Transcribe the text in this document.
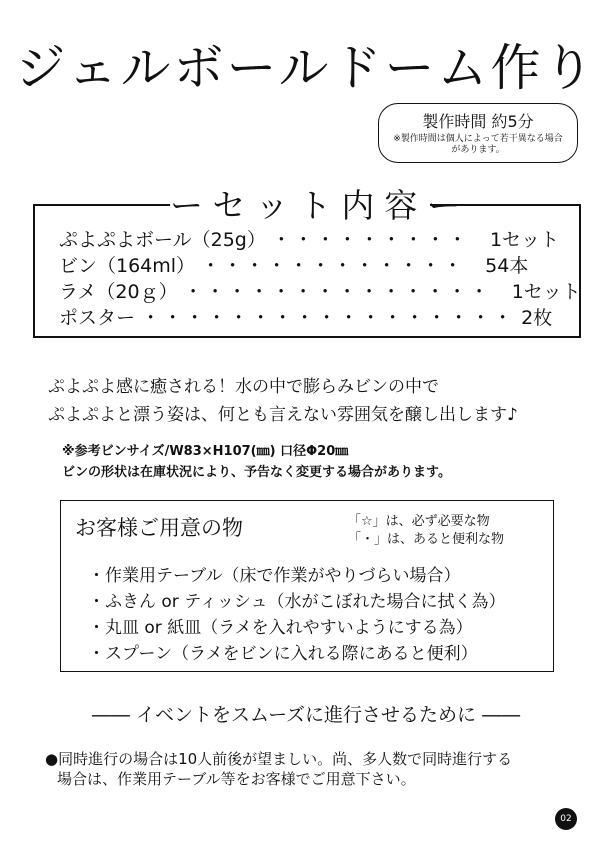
ジェルボールドーム作り
製作時間 約5分
※製作時間は個人によって若干異なる場合があります。
ぷよぷよボール（25g） ・・・・・・・・・ 1セット
ビン（164ml） ・・・・・・・・・・・・ 54本
ラメ（20ｇ） ・・・・・・・・・・・・・・ 1セット
ポスター ・・・・・・・・・・・・・・・・・ 2枚
ーセット内容ー
ぷよぷよ感に癒される！水の中で膨らみビンの中で
ぷよぷよと漂う姿は、何とも言えない雰囲気を醸し出します♪
※参考ビンサイズ/W83×H107(㎜) 口径Φ20㎜
ビンの形状は在庫状況により、予告なく変更する場合があります。
お客様ご用意の物	「☆」は、必ず必要な物
「・」は、あると便利な物
・作業用テーブル（床で作業がやりづらい場合）
・ふきん or ティッシュ（水がこぼれた場合に拭く為）
・丸皿 or 紙皿（ラメを入れやすいようにする為）
・スプーン（ラメをビンに入れる際にあると便利）
―― イベントをスムーズに進行させるために ――
●同時進行の場合は10人前後が望ましい。尚、多人数で同時進行する
場合は、作業用テーブル等をお客様でご用意下さい。
02
